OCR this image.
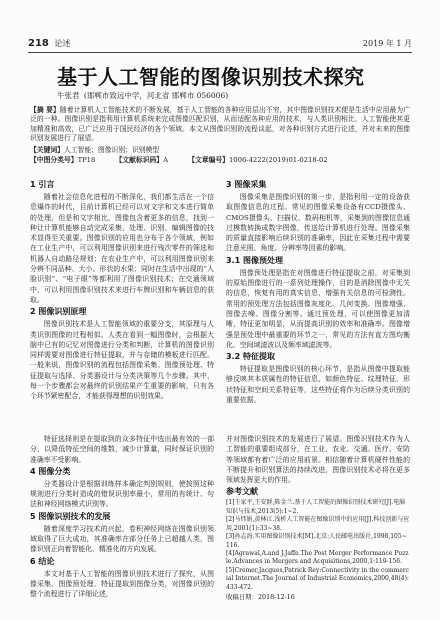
218 论述	2019 年 1 月
基于人工智能的图像识别技术探究
牛张君 (邯郸市致远中学，河北省 邯郸市 056006)
【摘 要】随着计算机人工智能技术的不断发展，基于人工智能的各种应用层出不穷，其中图像识别技术便是生活中应用最为广泛的一种。图像识别是指利用计算机系统来完成图像匹配识别，从而适配各种应用的技术，与人类识别相比，人工智能使其更加精准和高效，已广泛应用于国民经济的各个领域。本文从图像识别的流程谈起，对各种识别方式进行论述，并对未来的图像识别发展进行了展望。
【关键词】人工智能；图像识别；识别模型
【中图分类号】TP18	【文献标识码】A	【文章编号】1006-4222(2019)01-0218-02
1 引言

随着社会信息化进程的不断深化，我们都生活在一个信息爆炸的时代，目前计算机已经可以对文字和文本进行简单的处理，但是和文字相比，图像包含着更多的信息，找到一种让计算机能够自动完成采集、处理、识别、编辑图像的技术显得至关重要。图像识别的应用也分布于各个领域，例如在工业生产中，可以利用图像识别来进行残次零件的筛选和机器人自动路径规划；在农业生产中，可以利用图像识别来分辨不同品种、大小、形状的水果；同时在生活中出现的“人脸识别”、“电子眼”等都利用了图像识别技术；在交通领域中，可以利用图像识别技术来进行车牌识别和车辆信息的获取。

2 图像识别原理

图像识别技术是人工智能领域的重要分支，其原理与人类识别图像的过程相似。人类在看到一幅图像时，会根据大脑中已有的记忆对图像进行分类和判断，计算机的图像识别同样需要对图像进行特征提取，并与存储的模板进行匹配。一般来说，图像识别的流程包括图像采集、图像预处理、特征提取与选择、分类器设计与分类决策等几个步骤。其中，每一个步骤都会对最终的识别结果产生重要的影响，只有各个环节紧密配合，才能获得理想的识别效果。

3 图像采集

图像采集是图像识别的第一步，是指利用一定的设备获取图像信息的过程。常见的图像采集设备有CCD摄像头、CMOS摄像头、扫描仪、数码相机等，采集到的图像信息通过模数转换成数字图像，传送给计算机进行处理。图像采集的质量直接影响后续识别的准确率，因此在采集过程中需要注意光照、角度、分辨率等因素的影响。

3.1 图像预处理

图像预处理是指在对图像进行特征提取之前，对采集到的原始图像进行的一系列处理操作，目的是消除图像中无关的信息，恢复有用的真实信息，增强有关信息的可检测性。常用的预处理方法包括图像灰度化、几何变换、图像增强、图像去噪、图像分割等。通过预处理，可以使图像更加清晰，特征更加明显，从而提高识别的效率和准确率。图像增强是预处理中最重要的环节之一，常见的方法有直方图均衡化、空间域滤波以及频率域滤波等。

3.2 特征提取

特征提取是图像识别的核心环节，是指从图像中提取能够反映其本质属性的特征信息，如颜色特征、纹理特征、形状特征和空间关系特征等，这些特征将作为后续分类识别的重要依据。

特征选择则是在提取到的众多特征中选出最有效的一部分，以降低特征空间的维数，减少计算量，同时保证识别的准确率不受影响。

4 图像分类

分类器设计是根据训练样本确定判别规则，使按照这种规则进行分类时造成的错误识别率最小，常用的有统计、句法和神经网络模式识别等。

5 图像识别技术的发展

随着深度学习技术的兴起，卷积神经网络在图像识别领域取得了巨大成功，其准确率在部分任务上已超越人类，图像识别正向着智能化、精准化的方向发展。

6 结论

本文对基于人工智能的图像识别技术进行了探究，从图像采集、图像预处理、特征提取到图像分类，对图像识别的整个流程进行了详细论述，

并对图像识别技术的发展进行了展望。图像识别技术作为人工智能的重要组成部分，在工业、农业、交通、医疗、安防等领域都有着广泛的应用前景。相信随着计算机硬件性能的不断提升和识别算法的持续改进，图像识别技术必将在更多领域发挥更大的作用。

参考文献

[1]王家平,王安群,陈金兰.基于人工智能的图像识别技术研究[J].电脑知识与技术,2013(5):1~2.

[2]马炜娟,黄林江.浅析人工智能在图像识别中的应用[J].科技创新与应用,2001(1):33~38.

[3]孙志海.实用图像识别技术[M].北京:人民邮电出版社,1998,105~116.

[4]Agrawal,A.and J.Jaffe.The Post Merger Performance Puzzle.Advances in Mergers and Acquisitions,2000,1:119-156.

[5]Cremer,Jacques,Patrick Rey:Connectivity in the commercial Internet.The Journal of Industrial Economics,2000,48(4):433-472.

收稿日期：2018-12-16
